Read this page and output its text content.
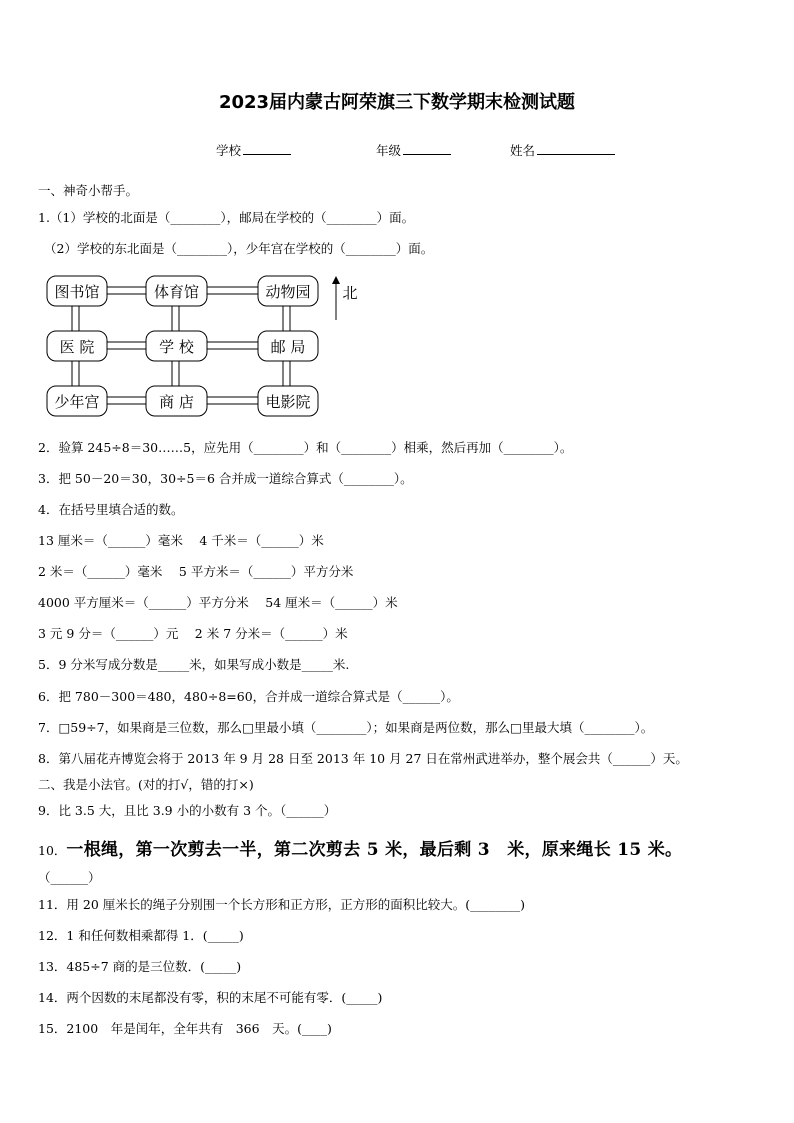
2023届内蒙古阿荣旗三下数学期末检测试题
学校	年级	姓名
一、神奇小帮手。
1.（1）学校的北面是（________），邮局在学校的（________）面。
（2）学校的东北面是（________），少年宫在学校的（________）面。
图书馆	体育馆	动物园
医 院	学 校	邮 局
少年宫	商 店	电影院
北
2．验算 245÷8＝30……5，应先用（________）和（________）相乘，然后再加（________）。
3．把 50－20＝30，30÷5＝6 合并成一道综合算式（________）。
4．在括号里填合适的数。
13 厘米＝（______）毫米　 4 千米＝（______）米
2 米＝（______）毫米　 5 平方米＝（______）平方分米
4000 平方厘米＝（______）平方分米　 54 厘米＝（______）米
3 元 9 分＝（______）元　 2 米 7 分米＝（______）米
5．9 分米写成分数是_____米，如果写成小数是_____米.
6．把 780－300＝480，480÷8=60，合并成一道综合算式是（______）。
7．□59÷7，如果商是三位数，那么□里最小填（________）；如果商是两位数，那么□里最大填（________）。
8．第八届花卉博览会将于 2013 年 9 月 28 日至 2013 年 10 月 27 日在常州武进举办，整个展会共（______）天。
二、我是小法官。(对的打√，错的打×)
9．比 3.5 大，且比 3.9 小的小数有 3 个。（______）
10．一根绳，第一次剪去一半，第二次剪去 5 米，最后剩 3　米，原来绳长 15 米。
（______）
11．用 20 厘米长的绳子分别围一个长方形和正方形，正方形的面积比较大。(________)
12．1 和任何数相乘都得 1．(_____)
13．485÷7 商的是三位数．(_____)
14．两个因数的末尾都没有零，积的末尾不可能有零．(_____)
15．2100　年是闰年，全年共有　366　天。(____)
